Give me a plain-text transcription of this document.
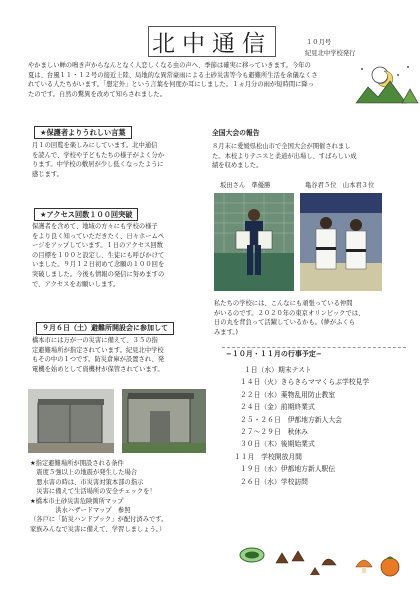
北中通信	１０月号
紀見北中学校発行
やかましい蝉の鳴き声からなんとなく人恋しくなる虫の声へ、季節は確実に移っていきます。今年の
夏は、台風１１・１２号の接近上陸、局地的な異常豪雨による土砂災害等今も避難所生活を余儀なくさ
れている人たちがいます。「想定外」という言葉を何度か耳にしました。１ヵ月分の雨が短時間に降っ
たのです。自然の驚異を改めて知らされました。
★保護者よりうれしい言葉
月１の回覧を楽しみにしています。北中通信
を読んで、学校や子どもたちの様子がよく分か
ります。中学校の敷居が少し低くなったように
感じます。
★アクセス回数１００回突破
保護者を含めて、地域の方々にも学校の様子
をより良く知っていただきたく、日々ホームペ
ージをアップしています。１日のアクセス回数
の目標を１００と設定し、生徒にも呼びかけて
いました。９月１２日初めて念願の１００回を
突破しました。今後も情報の発信に努めますの
で、アクセスをお願いします。
９月６日（土）避難所開設会に参加して
橋本市には万が一の災害に備えて、３５の指
定避難場所が指定されています。紀見北中学校
もその中の１つです。防災倉庫が設置され、発
電機を始めとして資機材が保管されています。
★指定避難場所が開設される条件
　震度５強以上の地震が発生した場合
　悪水害の時は、市災害対策本部の指示
　災害に備えて生活場所の安全チェックを！
★橋本市土砂災害危険箇所マップ
　　　　洪水ハザードマップ　参照
（各戸に「防災ハンドブック」が配付済みです。
家族みんなで災害に備えて、学習しましょう。）
全国大会の報告
８月末に愛媛県松山市で全国大会が開催されまし
た。本校よりテニスと柔道が出場し、すばらしい成
績を収めました。
坂田さん　準優勝	亀谷君５位　山本君３位
私たちの学校には、こんなにも頑張っている仲間
がいるのです。２０２０年の東京オリンピックでは、
日の丸を背負って活躍しているかも。(夢がふくら
みます。)
−１０月・１１月の行事予定−
１日（水）期末テスト
１４日（火）きらきらママくらぶ学校見学
２２日（水）薬物乱用防止教室
２４日（金）前期終業式
２５・２６日　伊都地方新人大会
２７〜２９日　秋休み
３０日（木）後期始業式
１１月　学校開放月間
１９日（水）伊都地方新人駅伝
２６日（水）学校訪問
